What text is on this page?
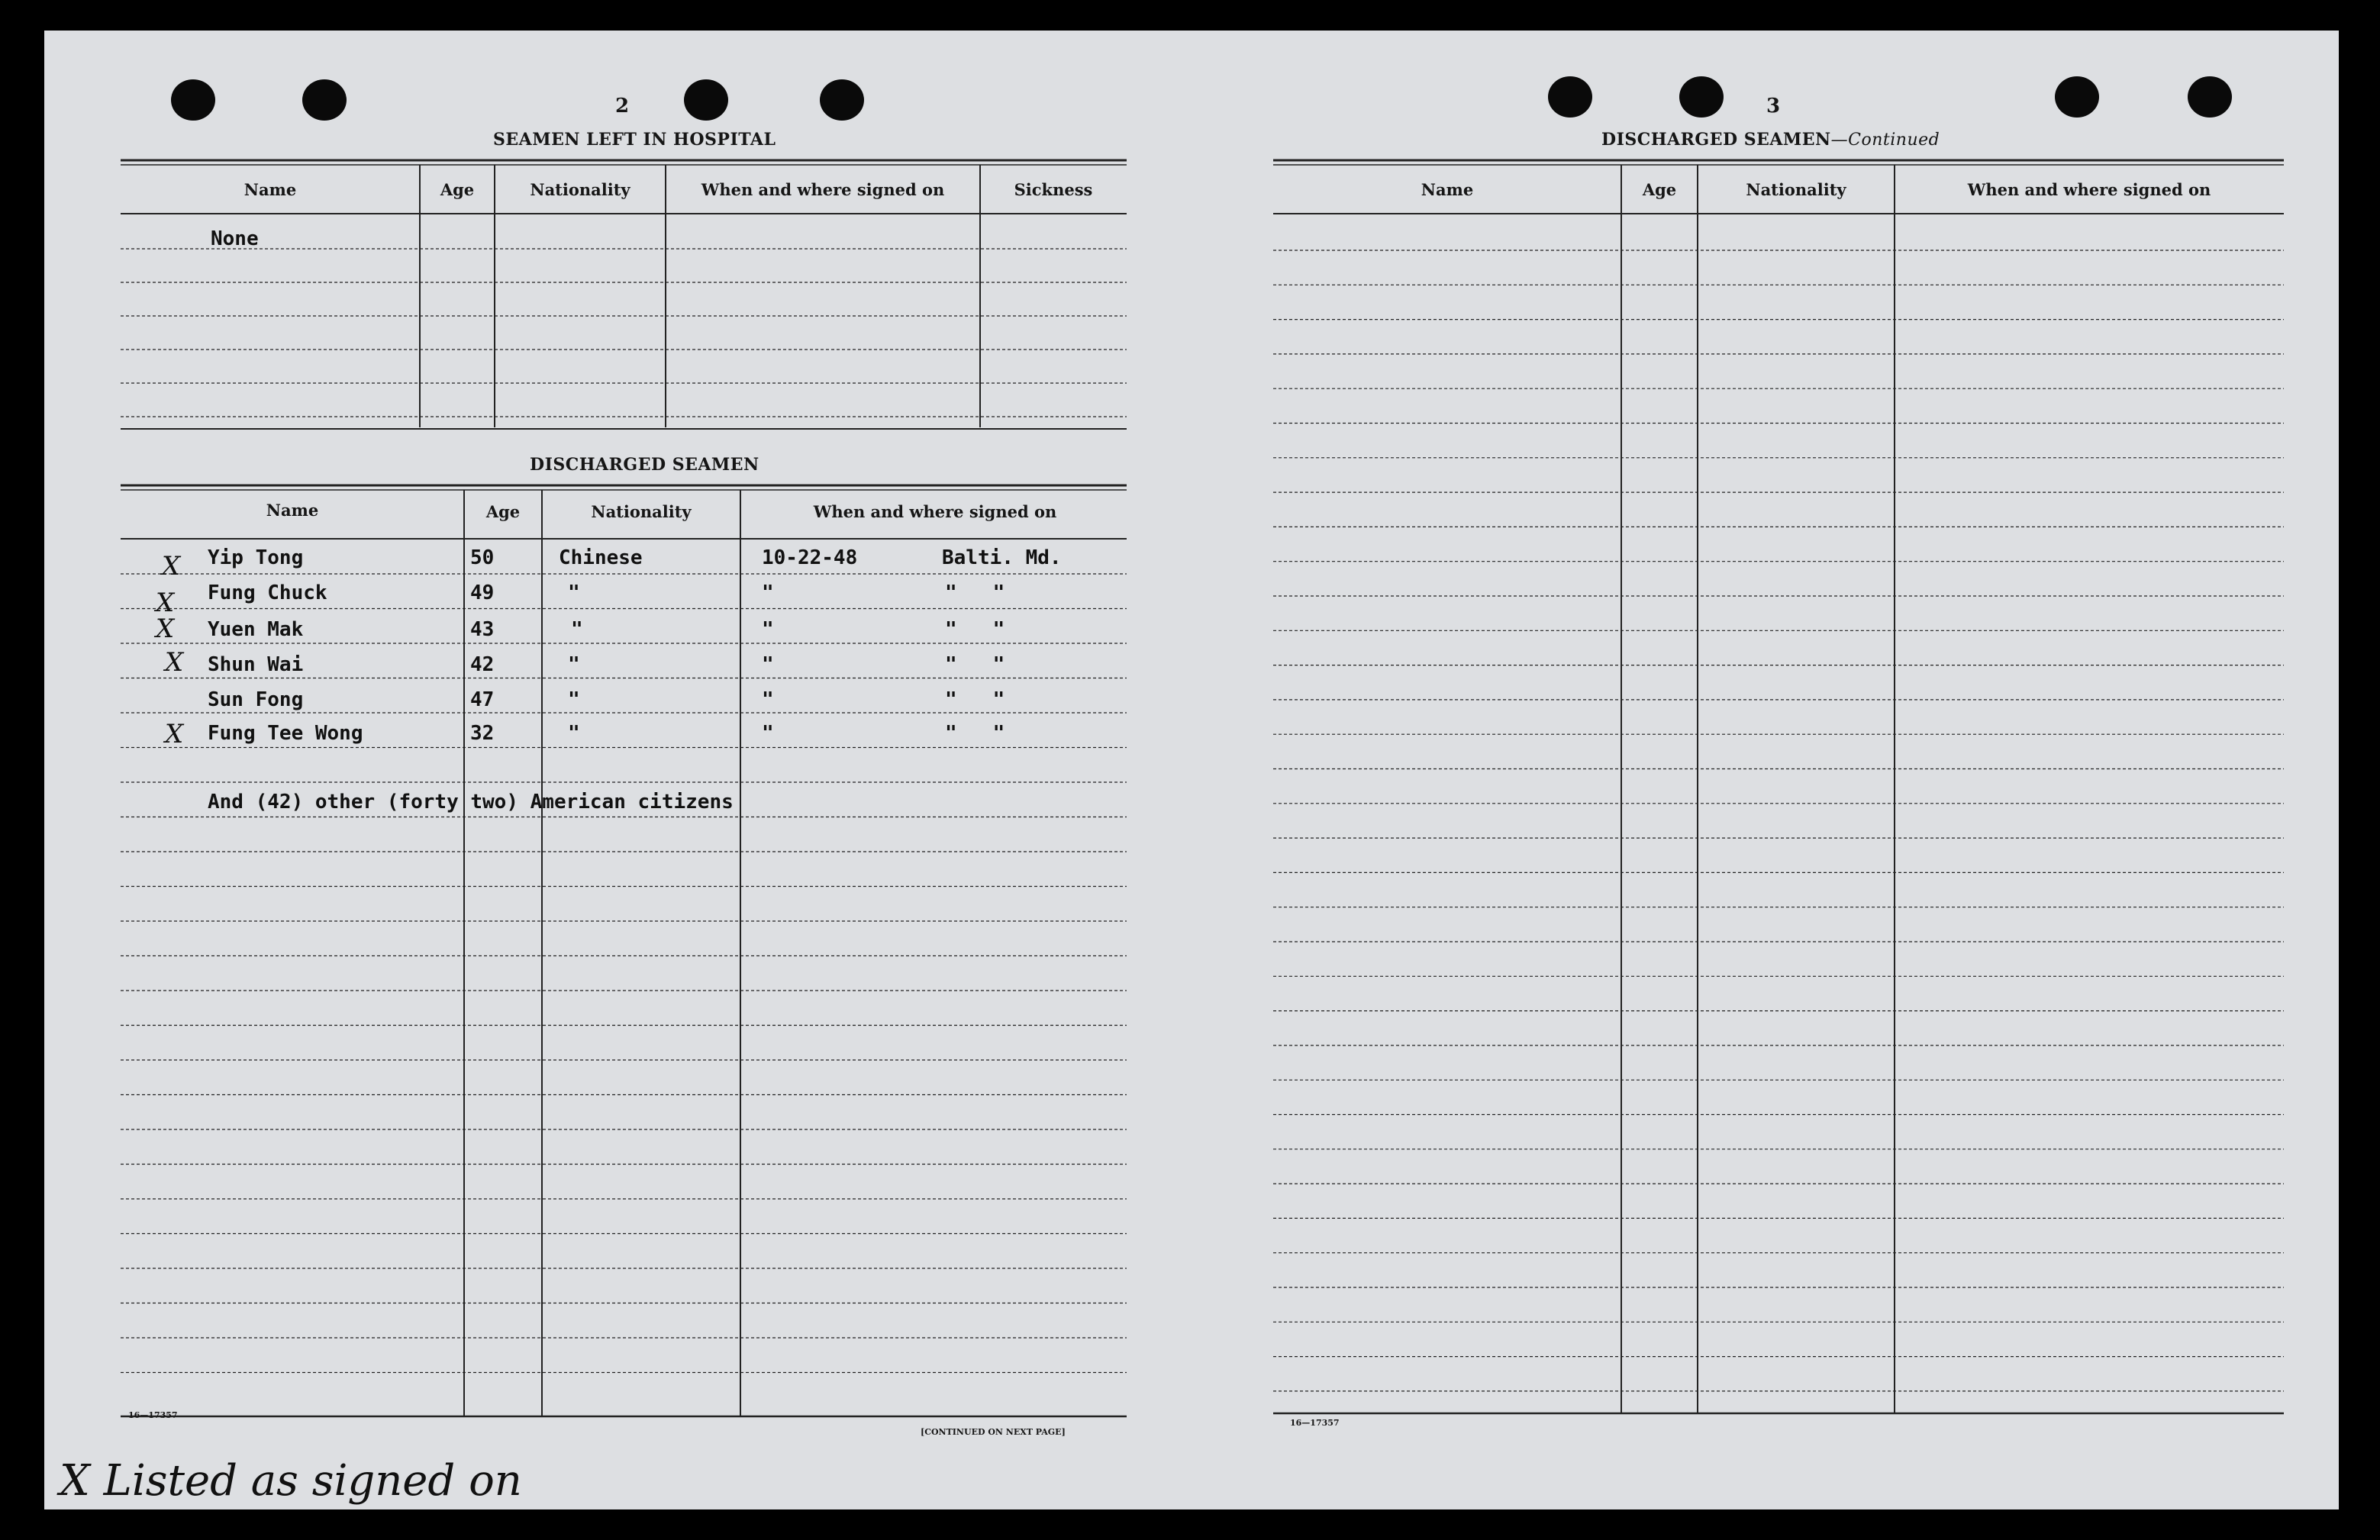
2
SEAMEN LEFT IN HOSPITAL
Name	Age	Nationality	When and where signed on	Sickness
None
DISCHARGED SEAMEN
Name	Age	Nationality	When and where signed on
X Yip Tong	50	Chinese	10-22-48	Balti. Md.
X Fung Chuck	49	"	"	"   "
X Yuen Mak	43	"	"	"   "
X Shun Wai	42	"	"	"   "
Sun Fong	47	"	"	"   "
X Fung Tee Wong	32	"	"	"   "
And (42) other (forty two) American citizens
16—17357
[CONTINUED ON NEXT PAGE]
3
DISCHARGED SEAMEN—Continued
Name	Age	Nationality	When and where signed on
16—17357
X Listed as signed on
